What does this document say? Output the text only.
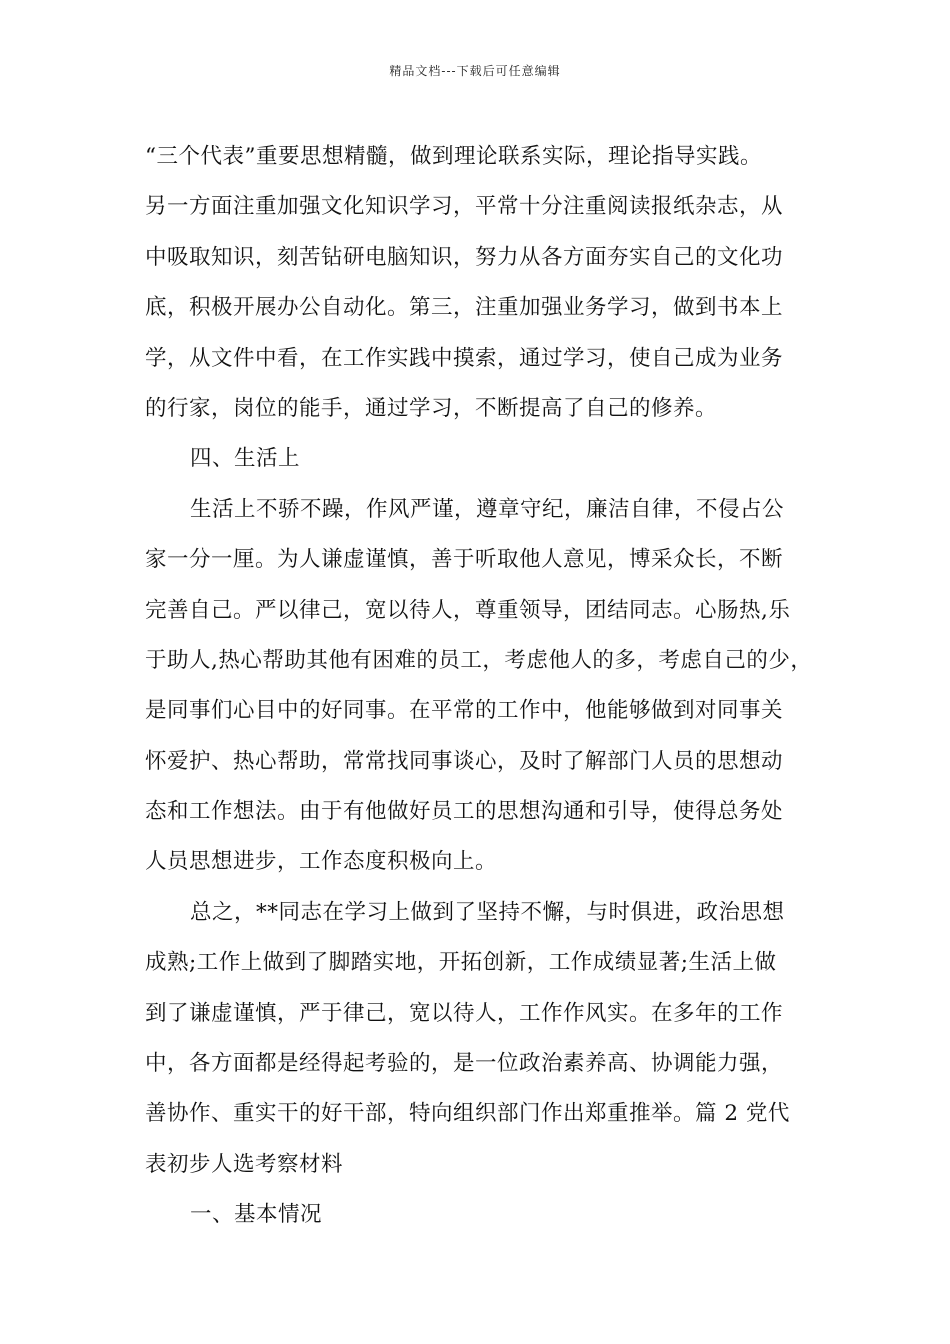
精品文档---下载后可任意编辑
“三个代表”重要思想精髓，做到理论联系实际，理论指导实践。
另一方面注重加强文化知识学习，平常十分注重阅读报纸杂志，从
中吸取知识，刻苦钻研电脑知识，努力从各方面夯实自己的文化功
底，积极开展办公自动化。第三，注重加强业务学习，做到书本上
学，从文件中看，在工作实践中摸索，通过学习，使自己成为业务
的行家，岗位的能手，通过学习，不断提高了自己的修养。
四、生活上
生活上不骄不躁，作风严谨，遵章守纪，廉洁自律，不侵占公
家一分一厘。为人谦虚谨慎，善于听取他人意见，博采众长，不断
完善自己。严以律己，宽以待人，尊重领导，团结同志。心肠热,乐
于助人,热心帮助其他有困难的员工，考虑他人的多，考虑自己的少，
是同事们心目中的好同事。在平常的工作中，他能够做到对同事关
怀爱护、热心帮助，常常找同事谈心，及时了解部门人员的思想动
态和工作想法。由于有他做好员工的思想沟通和引导，使得总务处
人员思想进步，工作态度积极向上。
总之，**同志在学习上做到了坚持不懈，与时俱进，政治思想
成熟;工作上做到了脚踏实地，开拓创新，工作成绩显著;生活上做
到了谦虚谨慎，严于律己，宽以待人，工作作风实。在多年的工作
中，各方面都是经得起考验的，是一位政治素养高、协调能力强，
善协作、重实干的好干部，特向组织部门作出郑重推举。篇 2 党代
表初步人选考察材料
一、基本情况
